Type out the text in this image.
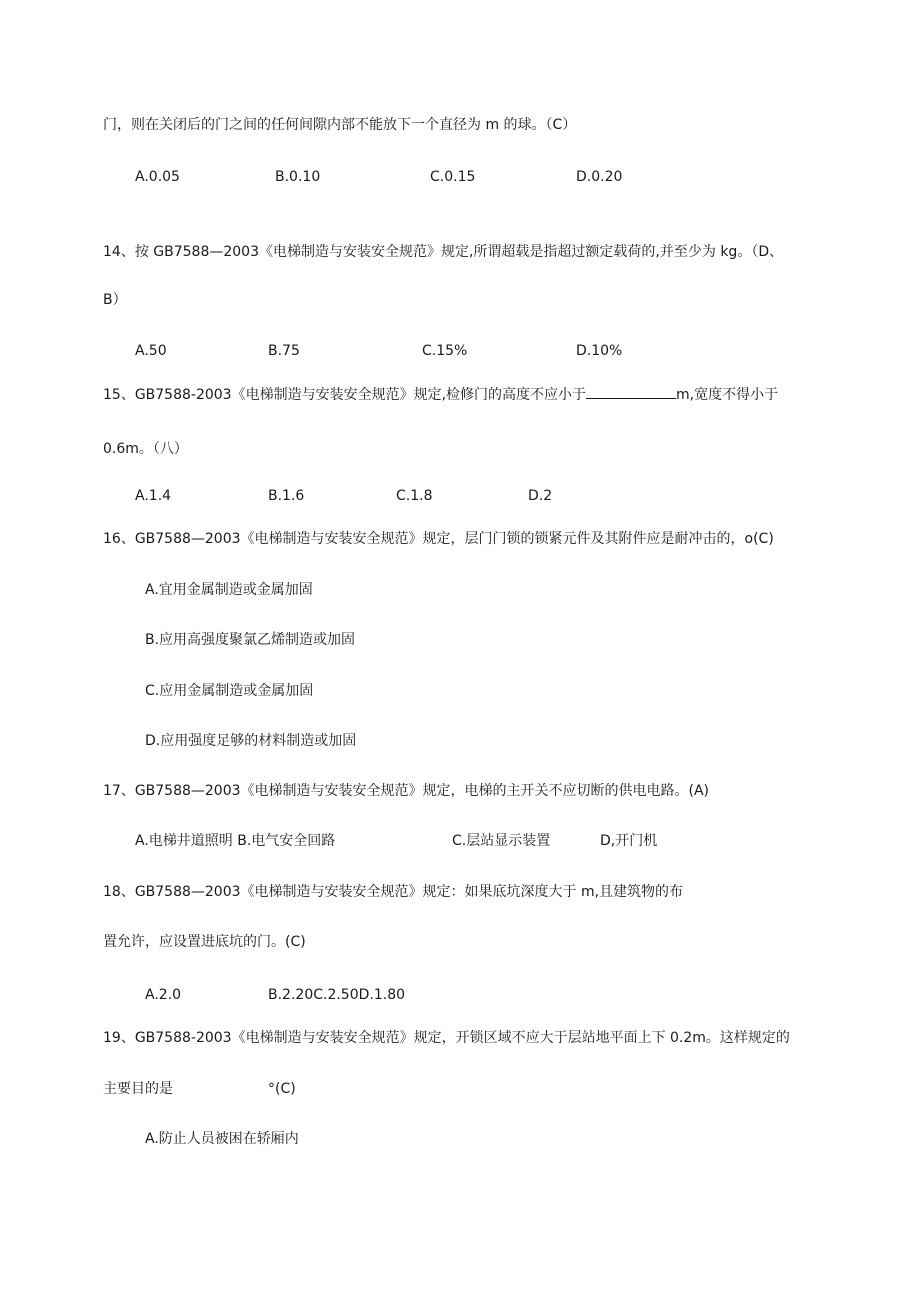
门，则在关闭后的门之间的任何间隙内部不能放下一个直径为 m 的球。（C）
A.0.05	B.0.10	C.0.15	D.0.20
14、按 GB7588—2003《电梯制造与安装安全规范》规定,所谓超载是指超过额定载荷的,并至少为 kg。（D、
B）
A.50	B.75	C.15%	D.10%
15、GB7588-2003《电梯制造与安装安全规范》规定,检修门的高度不应小于	m,宽度不得小于
0.6m。（八）
A.1.4	B.1.6	C.1.8	D.2
16、GB7588—2003《电梯制造与安装安全规范》规定，层门门锁的锁紧元件及其附件应是耐冲击的，o(C)
A.宜用金属制造或金属加固
B.应用高强度聚氯乙烯制造或加固
C.应用金属制造或金属加固
D.应用强度足够的材料制造或加固
17、GB7588—2003《电梯制造与安装安全规范》规定，电梯的主开关不应切断的供电电路。(A)
A.电梯井道照明 B.电气安全回路	C.层站显示装置	D,开门机
18、GB7588—2003《电梯制造与安装安全规范》规定：如果底坑深度大于 m,且建筑物的布
置允许，应设置进底坑的门。(C)
A.2.0	B.2.20C.2.50D.1.80
19、GB7588-2003《电梯制造与安装安全规范》规定，开锁区域不应大于层站地平面上下 0.2m。这样规定的
主要目的是	°(C)
A.防止人员被困在轿厢内
